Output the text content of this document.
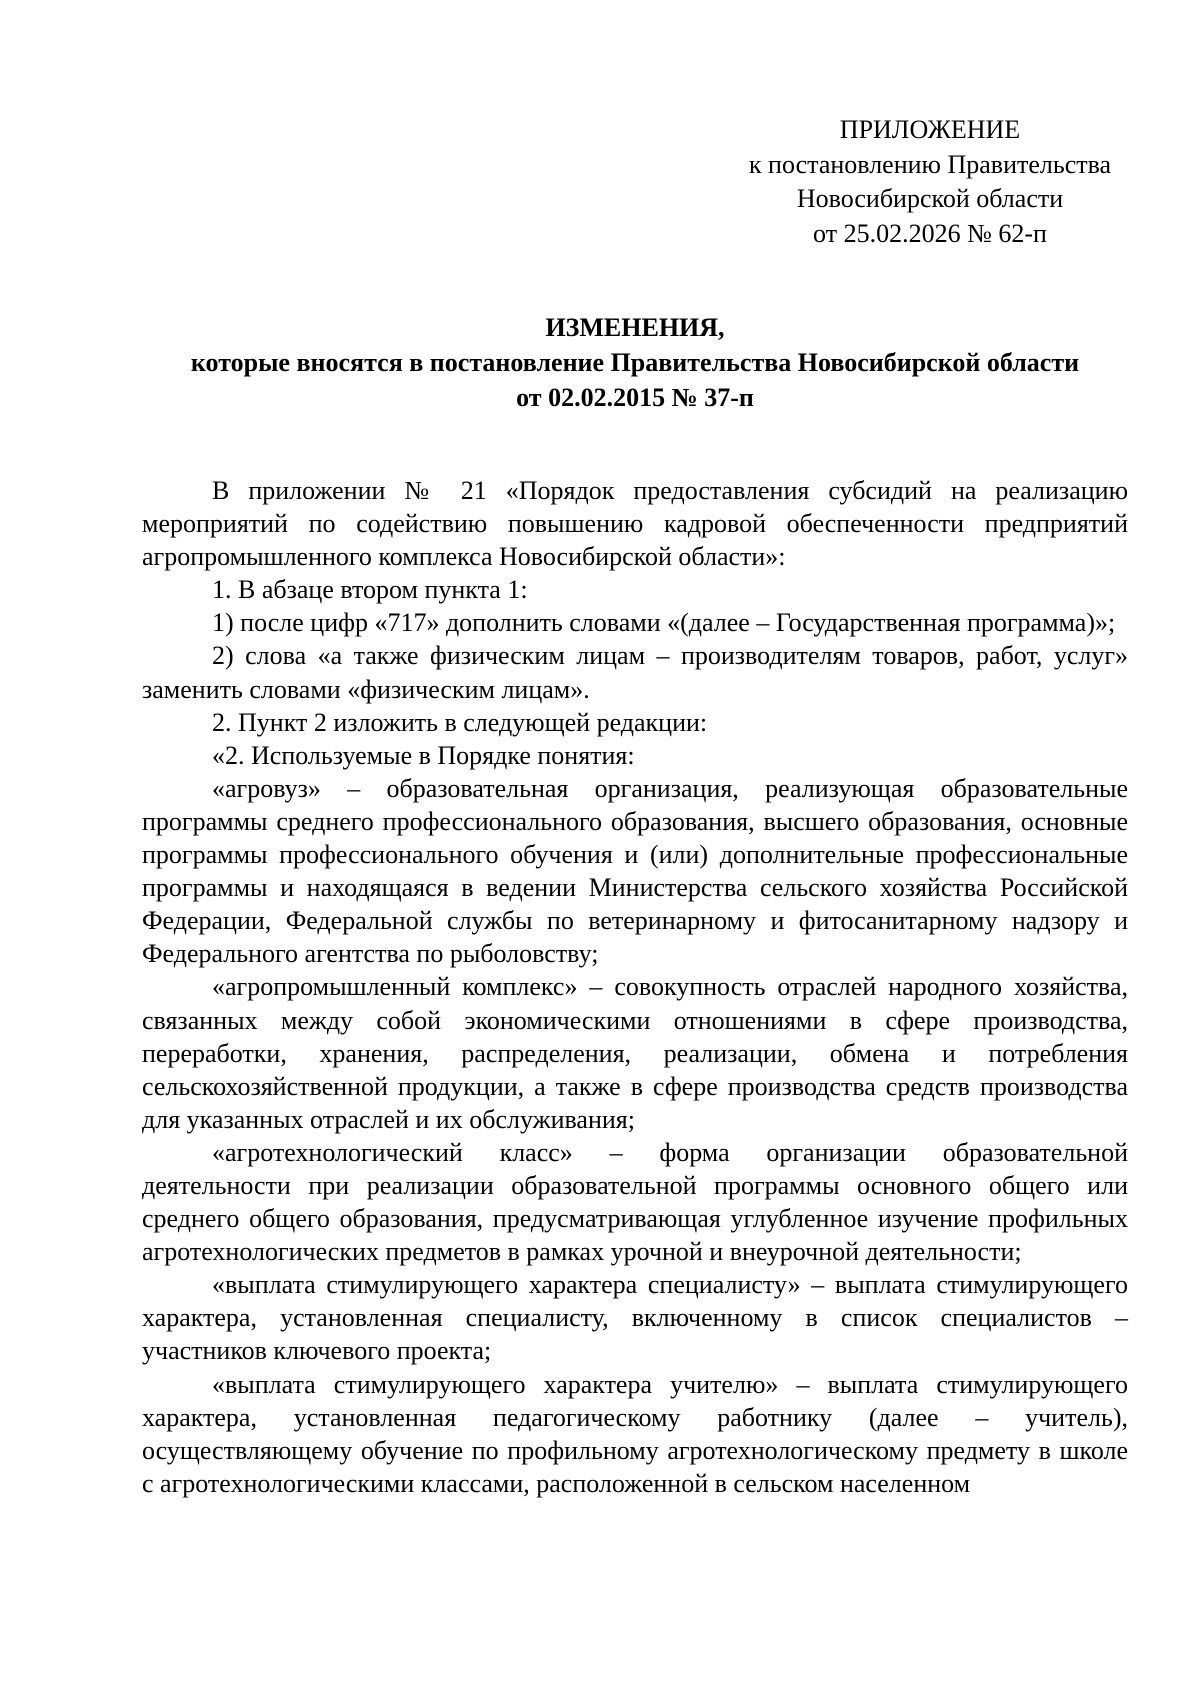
ПРИЛОЖЕНИЕ
к постановлению Правительства
Новосибирской области
от 25.02.2026 № 62-п
ИЗМЕНЕНИЯ,
которые вносятся в постановление Правительства Новосибирской области
от 02.02.2015 № 37-п

В приложении № 21 «Порядок предоставления субсидий на реализацию мероприятий по содействию повышению кадровой обеспеченности предприятий агропромышленного комплекса Новосибирской области»:

1. В абзаце втором пункта 1:

1) после цифр «717» дополнить словами «(далее – Государственная программа)»;

2) слова «а также физическим лицам – производителям товаров, работ, услуг» заменить словами «физическим лицам».

2. Пункт 2 изложить в следующей редакции:

«2. Используемые в Порядке понятия:

«агровуз» – образовательная организация, реализующая образовательные программы среднего профессионального образования, высшего образования, основные программы профессионального обучения и (или) дополнительные профессиональные программы и находящаяся в ведении Министерства сельского хозяйства Российской Федерации, Федеральной службы по ветеринарному и фитосанитарному надзору и Федерального агентства по рыболовству;

«агропромышленный комплекс» – совокупность отраслей народного хозяйства, связанных между собой экономическими отношениями в сфере производства, переработки, хранения, распределения, реализации, обмена и потребления сельскохозяйственной продукции, а также в сфере производства средств производства для указанных отраслей и их обслуживания;

«агротехнологический класс» – форма организации образовательной деятельности при реализации образовательной программы основного общего или среднего общего образования, предусматривающая углубленное изучение профильных агротехнологических предметов в рамках урочной и внеурочной деятельности;

«выплата стимулирующего характера специалисту» – выплата стимулирующего характера, установленная специалисту, включенному в список специалистов – участников ключевого проекта;

«выплата стимулирующего характера учителю» – выплата стимулирующего характера, установленная педагогическому работнику (далее – учитель), осуществляющему обучение по профильному агротехнологическому предмету в школе с агротехнологическими классами, расположенной в сельском населенном
